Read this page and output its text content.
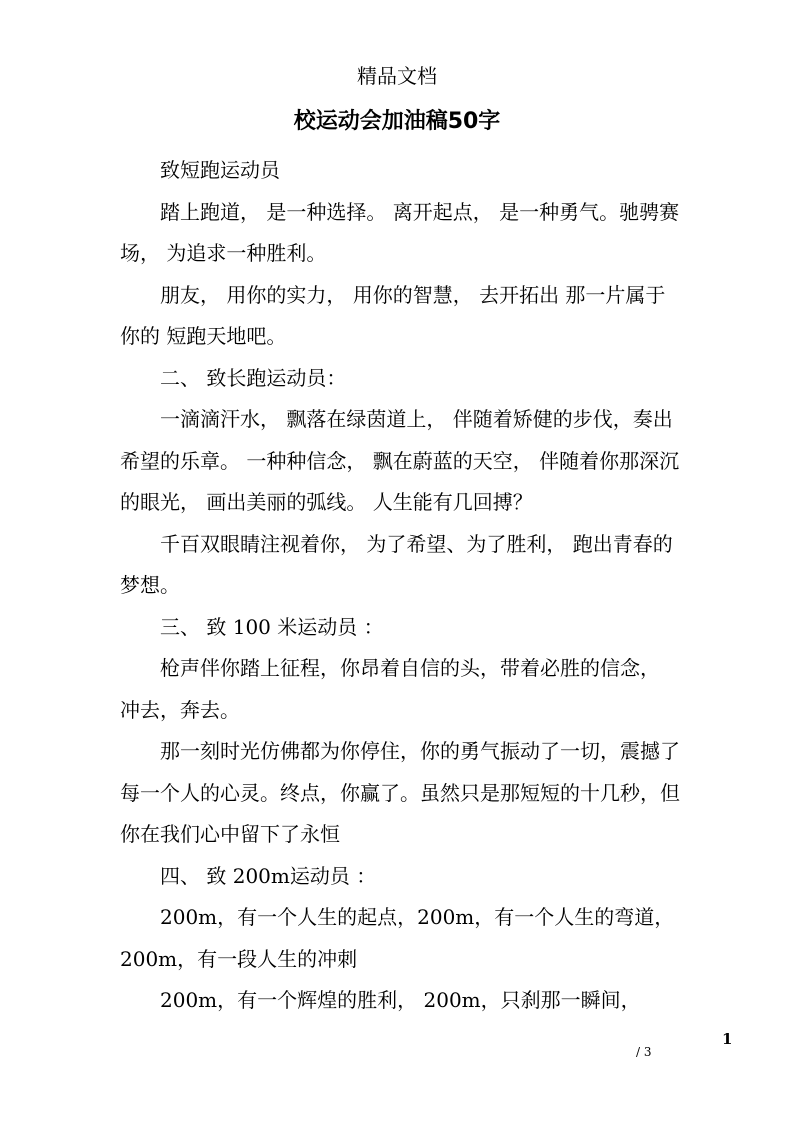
精品文档
校运动会加油稿50字

致短跑运动员

踏上跑道， 是一种选择。 离开起点， 是一种勇气。驰骋赛场， 为追求一种胜利。

朋友， 用你的实力， 用你的智慧， 去开拓出 那一片属于你的 短跑天地吧。

二、 致长跑运动员：

一滴滴汗水， 飘落在绿茵道上， 伴随着矫健的步伐，奏出希望的乐章。 一种种信念， 飘在蔚蓝的天空， 伴随着你那深沉的眼光， 画出美丽的弧线。 人生能有几回搏？

千百双眼睛注视着你， 为了希望、为了胜利， 跑出青春的梦想。

三、 致 100 米运动员 ：

枪声伴你踏上征程，你昂着自信的头，带着必胜的信念， 冲去，奔去。

那一刻时光仿佛都为你停住，你的勇气振动了一切，震撼了每一个人的心灵。终点，你赢了。虽然只是那短短的十几秒，但你在我们心中留下了永恒

四、 致 200m运动员 ：

200m，有一个人生的起点，200m，有一个人生的弯道，200m，有一段人生的冲刺

200m，有一个辉煌的胜利， 200m，只刹那一瞬间，

1
/ 3
